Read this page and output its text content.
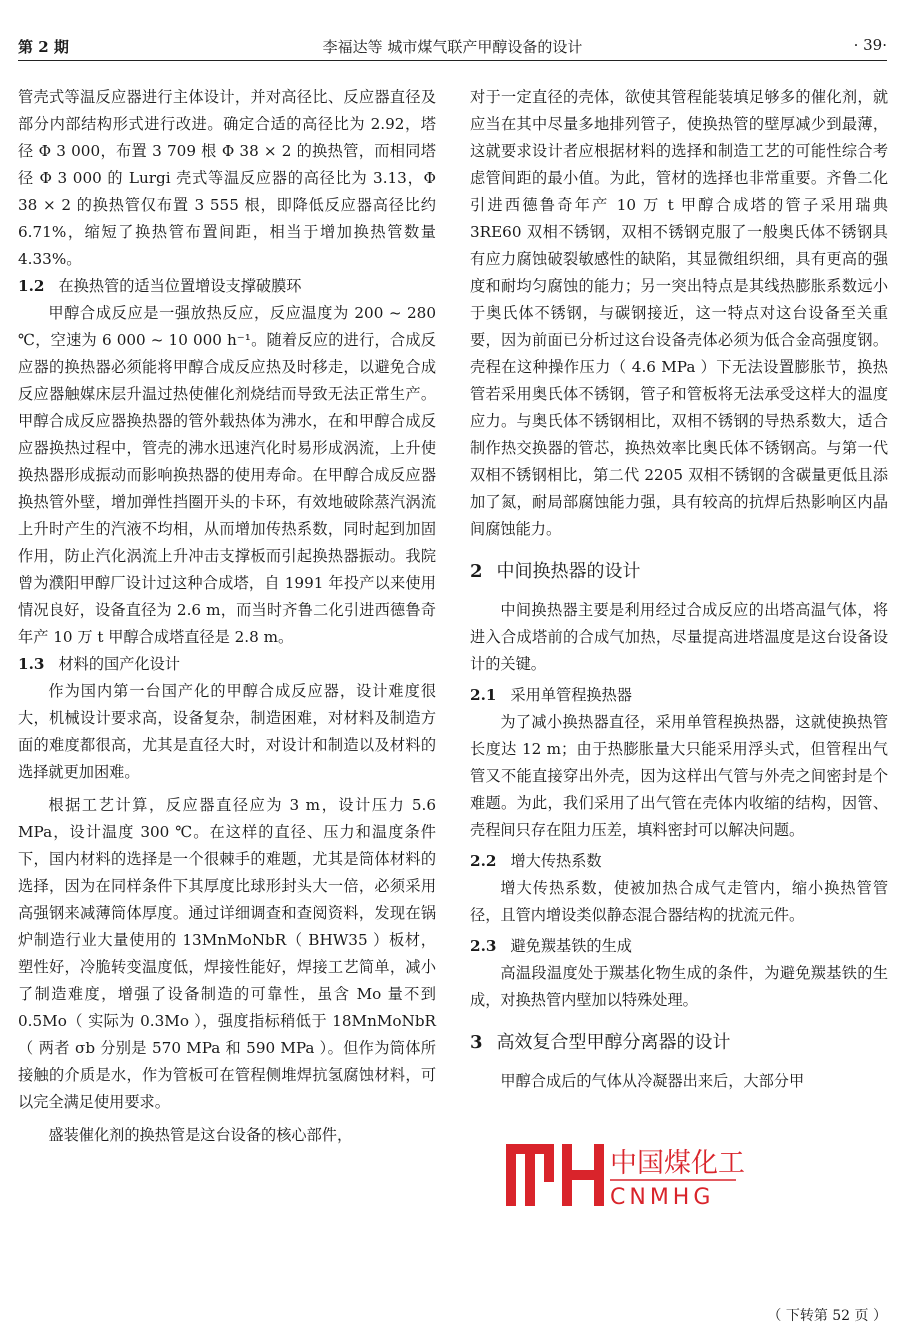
第 2 期	李福达等 城市煤气联产甲醇设备的设计	· 39·

管壳式等温反应器进行主体设计，并对高径比、反应器直径及部分内部结构形式进行改进。确定合适的高径比为 2.92，塔径 Φ 3 000，布置 3 709 根 Φ 38 × 2 的换热管，而相同塔径 Φ 3 000 的 Lurgi 壳式等温反应器的高径比为 3.13，Φ 38 × 2 的换热管仅布置 3 555 根，即降低反应器高径比约 6.71%，缩短了换热管布置间距，相当于增加换热管数量 4.33%。

1.2 在换热管的适当位置增设支撑破膜环

甲醇合成反应是一强放热反应，反应温度为 200 ~ 280 ℃，空速为 6 000 ~ 10 000 h⁻¹。随着反应的进行，合成反应器的换热器必须能将甲醇合成反应热及时移走，以避免合成反应器触媒床层升温过热使催化剂烧结而导致无法正常生产。甲醇合成反应器换热器的管外载热体为沸水，在和甲醇合成反应器换热过程中，管壳的沸水迅速汽化时易形成涡流，上升使换热器形成振动而影响换热器的使用寿命。在甲醇合成反应器换热管外壁，增加弹性挡圈开头的卡环，有效地破除蒸汽涡流上升时产生的汽液不均相，从而增加传热系数，同时起到加固作用，防止汽化涡流上升冲击支撑板而引起换热器振动。我院曾为濮阳甲醇厂设计过这种合成塔，自 1991 年投产以来使用情况良好，设备直径为 2.6 m，而当时齐鲁二化引进西德鲁奇年产 10 万 t 甲醇合成塔直径是 2.8 m。

1.3 材料的国产化设计

作为国内第一台国产化的甲醇合成反应器，设计难度很大，机械设计要求高，设备复杂，制造困难，对材料及制造方面的难度都很高，尤其是直径大时，对设计和制造以及材料的选择就更加困难。

根据工艺计算，反应器直径应为 3 m，设计压力 5.6 MPa，设计温度 300 ℃。在这样的直径、压力和温度条件下，国内材料的选择是一个很棘手的难题，尤其是筒体材料的选择，因为在同样条件下其厚度比球形封头大一倍，必须采用高强钢来减薄筒体厚度。通过详细调查和查阅资料，发现在锅炉制造行业大量使用的 13MnMoNbR（ BHW35 ）板材，塑性好，冷脆转变温度低，焊接性能好，焊接工艺简单，减小了制造难度，增强了设备制造的可靠性，虽含 Mo 量不到 0.5Mo（ 实际为 0.3Mo ），强度指标稍低于 18MnMoNbR（ 两者 σb 分别是 570 MPa 和 590 MPa ）。但作为筒体所接触的介质是水，作为管板可在管程侧堆焊抗氢腐蚀材料，可以完全满足使用要求。

盛装催化剂的换热管是这台设备的核心部件，

对于一定直径的壳体，欲使其管程能装填足够多的催化剂，就应当在其中尽量多地排列管子，使换热管的壁厚减少到最薄，这就要求设计者应根据材料的选择和制造工艺的可能性综合考虑管间距的最小值。为此，管材的选择也非常重要。齐鲁二化引进西德鲁奇年产 10 万 t 甲醇合成塔的管子采用瑞典 3RE60 双相不锈钢，双相不锈钢克服了一般奥氏体不锈钢具有应力腐蚀破裂敏感性的缺陷，其显微组织细，具有更高的强度和耐均匀腐蚀的能力；另一突出特点是其线热膨胀系数远小于奥氏体不锈钢，与碳钢接近，这一特点对这台设备至关重要，因为前面已分析过这台设备壳体必须为低合金高强度钢。壳程在这种操作压力（ 4.6 MPa ）下无法设置膨胀节，换热管若采用奥氏体不锈钢，管子和管板将无法承受这样大的温度应力。与奥氏体不锈钢相比，双相不锈钢的导热系数大，适合制作热交换器的管芯，换热效率比奥氏体不锈钢高。与第一代双相不锈钢相比，第二代 2205 双相不锈钢的含碳量更低且添加了氮，耐局部腐蚀能力强，具有较高的抗焊后热影响区内晶间腐蚀能力。

2 中间换热器的设计

中间换热器主要是利用经过合成反应的出塔高温气体，将进入合成塔前的合成气加热，尽量提高进塔温度是这台设备设计的关键。

2.1 采用单管程换热器

为了减小换热器直径，采用单管程换热器，这就使换热管长度达 12 m；由于热膨胀量大只能采用浮头式，但管程出气管又不能直接穿出外壳，因为这样出气管与外壳之间密封是个难题。为此，我们采用了出气管在壳体内收缩的结构，因管、壳程间只存在阻力压差，填料密封可以解决问题。

2.2 增大传热系数

增大传热系数，使被加热合成气走管内，缩小换热管管径，且管内增设类似静态混合器结构的扰流元件。

2.3 避免羰基铁的生成

高温段温度处于羰基化物生成的条件，为避免羰基铁的生成，对换热管内壁加以特殊处理。

3 高效复合型甲醇分离器的设计

甲醇合成后的气体从冷凝器出来后，大部分甲

中国煤化工
CNMHG
（ 下转第 52 页 ）
